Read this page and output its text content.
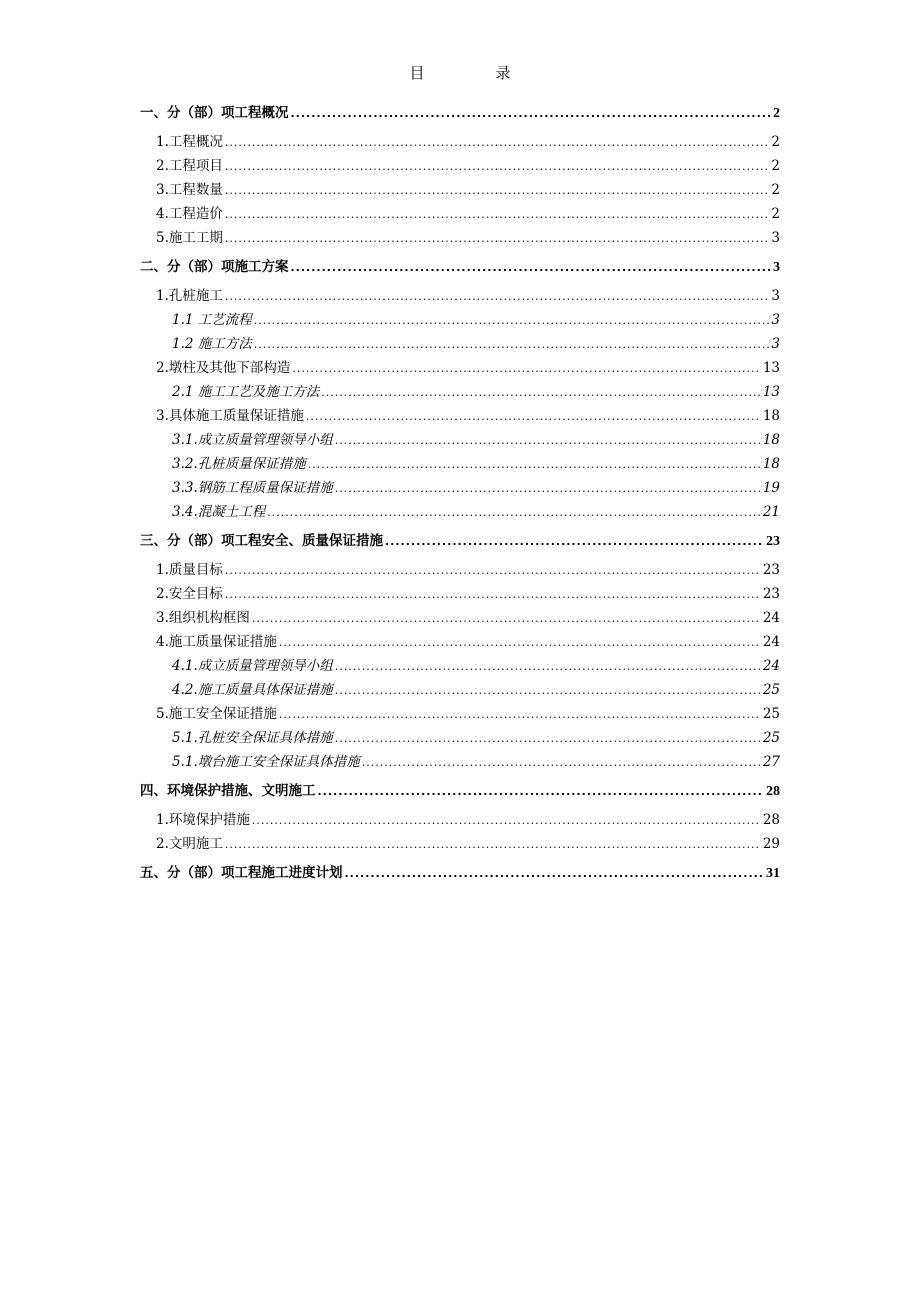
目　录
一、分（部）项工程概况 .....	2
1.工程概况 .....	2
2.工程项目 .....	2
3.工程数量 .....	2
4.工程造价 .....	2
5.施工工期 .....	3
二、分（部）项施工方案 .....	3
1.孔桩施工 .....	3
1.1 工艺流程 .....	3
1.2 施工方法 .....	3
2.墩柱及其他下部构造 .....	13
2.1 施工工艺及施工方法 .....	13
3.具体施工质量保证措施 .....	18
3.1.成立质量管理领导小组 .....	18
3.2.孔桩质量保证措施 .....	18
3.3.钢筋工程质量保证措施 .....	19
3.4.混凝土工程 .....	21
三、分（部）项工程安全、质量保证措施 .....	23
1.质量目标 .....	23
2.安全目标 .....	23
3.组织机构框图 .....	24
4.施工质量保证措施 .....	24
4.1.成立质量管理领导小组 .....	24
4.2.施工质量具体保证措施 .....	25
5.施工安全保证措施 .....	25
5.1.孔桩安全保证具体措施 .....	25
5.1.墩台施工安全保证具体措施 .....	27
四、环境保护措施、文明施工 .....	28
1.环境保护措施 .....	28
2.文明施工 .....	29
五、分（部）项工程施工进度计划 .....	31
